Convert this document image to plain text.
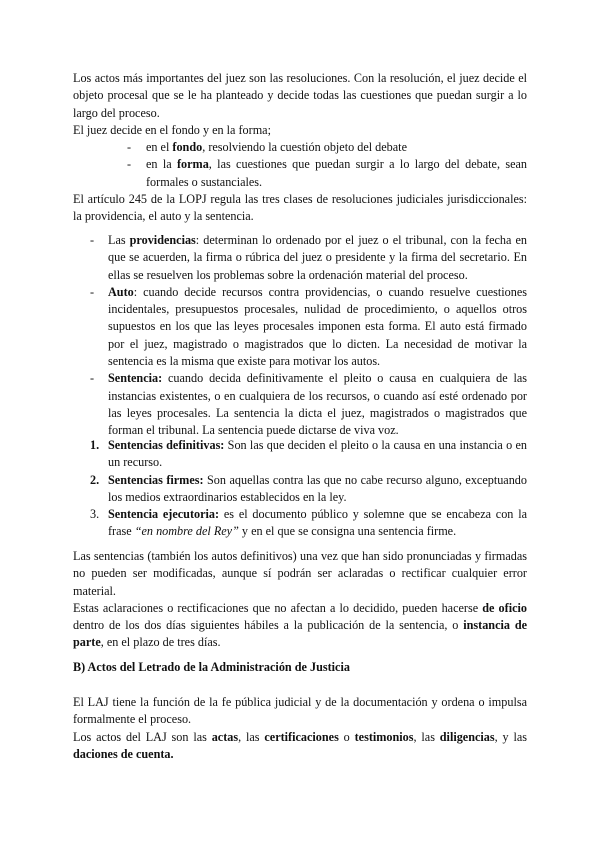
Los actos más importantes del juez son las resoluciones. Con la resolución, el juez decide el objeto procesal que se le ha planteado y decide todas las cuestiones que puedan surgir a lo largo del proceso.

El juez decide en el fondo y en la forma;

- en el fondo, resolviendo la cuestión objeto del debate
- en la forma, las cuestiones que puedan surgir a lo largo del debate, sean formales o sustanciales.

El artículo 245 de la LOPJ regula las tres clases de resoluciones judiciales jurisdiccionales: la providencia, el auto y la sentencia.

- Las providencias: determinan lo ordenado por el juez o el tribunal, con la fecha en que se acuerden, la firma o rúbrica del juez o presidente y la firma del secretario. En ellas se resuelven los problemas sobre la ordenación material del proceso.
- Auto: cuando decide recursos contra providencias, o cuando resuelve cuestiones incidentales, presupuestos procesales, nulidad de procedimiento, o aquellos otros supuestos en los que las leyes procesales imponen esta forma. El auto está firmado por el juez, magistrado o magistrados que lo dicten. La necesidad de motivar la sentencia es la misma que existe para motivar los autos.
- Sentencia: cuando decida definitivamente el pleito o causa en cualquiera de las instancias existentes, o en cualquiera de los recursos, o cuando así esté ordenado por las leyes procesales. La sentencia la dicta el juez, magistrados o magistrados que forman el tribunal. La sentencia puede dictarse de viva voz.
1. Sentencias definitivas: Son las que deciden el pleito o la causa en una instancia o en un recurso.
2. Sentencias firmes: Son aquellas contra las que no cabe recurso alguno, exceptuando los medios extraordinarios establecidos en la ley.
3. Sentencia ejecutoria: es el documento público y solemne que se encabeza con la frase “en nombre del Rey” y en el que se consigna una sentencia firme.

Las sentencias (también los autos definitivos) una vez que han sido pronunciadas y firmadas no pueden ser modificadas, aunque sí podrán ser aclaradas o rectificar cualquier error material.

Estas aclaraciones o rectificaciones que no afectan a lo decidido, pueden hacerse de oficio dentro de los dos días siguientes hábiles a la publicación de la sentencia, o instancia de parte, en el plazo de tres días.

B) Actos del Letrado de la Administración de Justicia

El LAJ tiene la función de la fe pública judicial y de la documentación y ordena o impulsa formalmente el proceso.

Los actos del LAJ son las actas, las certificaciones o testimonios, las diligencias, y las daciones de cuenta.
